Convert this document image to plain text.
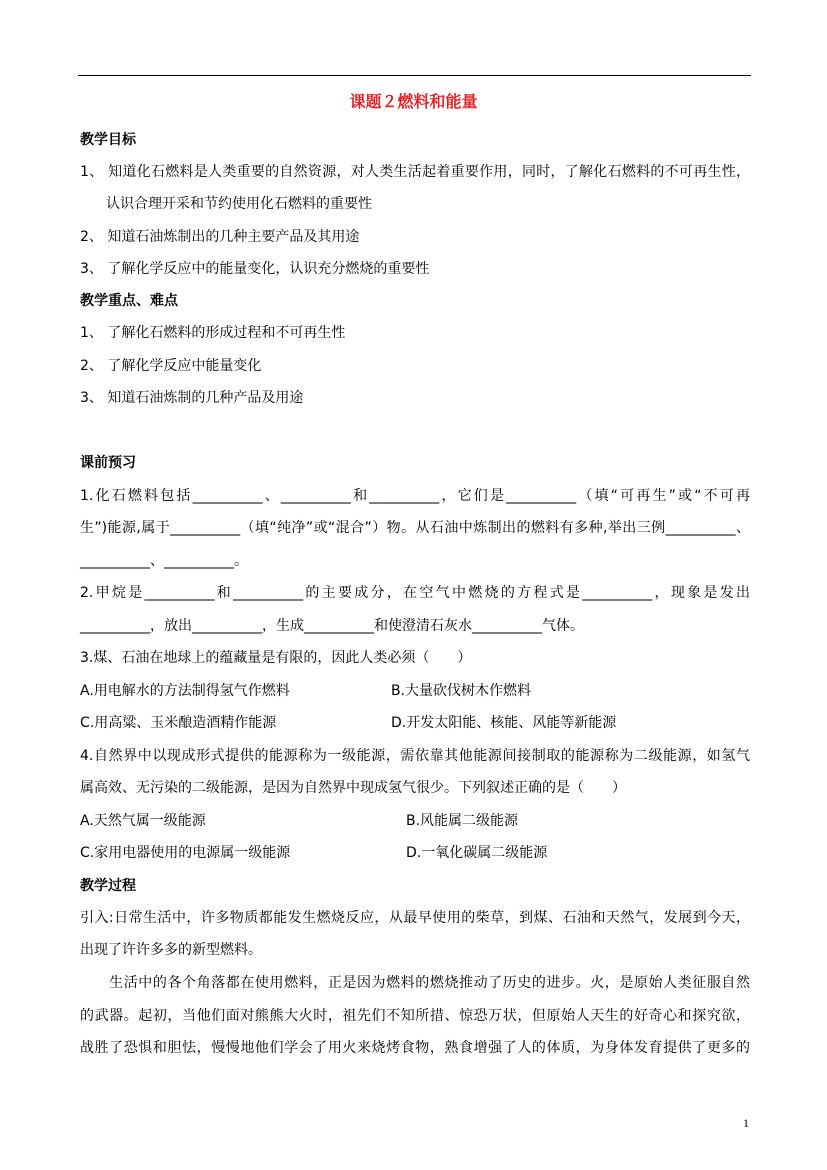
课题２燃料和能量
教学目标
1、 知道化石燃料是人类重要的自然资源，对人类生活起着重要作用，同时，了解化石燃料的不可再生性，
认识合理开采和节约使用化石燃料的重要性
2、 知道石油炼制出的几种主要产品及其用途
3、 了解化学反应中的能量变化，认识充分燃烧的重要性
教学重点、难点
1、 了解化石燃料的形成过程和不可再生性
2、 了解化学反应中能量变化
3、 知道石油炼制的几种产品及用途
课前预习
1.化石燃料包括__________、__________和__________，它们是__________（填“可再生”或“不可再
生”)能源,属于__________（填“纯净”或“混合”）物。从石油中炼制出的燃料有多种,举出三例__________、
__________、__________。
2.甲烷是__________和__________的主要成分，在空气中燃烧的方程式是__________，现象是发出
__________，放出__________，生成__________和使澄清石灰水__________气体。
3.煤、石油在地球上的蕴藏量是有限的，因此人类必须（　　）
A.用电解水的方法制得氢气作燃料	B.大量砍伐树木作燃料
C.用高粱、玉米酿造酒精作能源	D.开发太阳能、核能、风能等新能源
4.自然界中以现成形式提供的能源称为一级能源，需依靠其他能源间接制取的能源称为二级能源，如氢气
属高效、无污染的二级能源，是因为自然界中现成氢气很少。下列叙述正确的是（　　）
A.天然气属一级能源	B.风能属二级能源
C.家用电器使用的电源属一级能源	D.一氧化碳属二级能源
教学过程
引入:日常生活中，许多物质都能发生燃烧反应，从最早使用的柴草，到煤、石油和天然气，发展到今天，
出现了许许多多的新型燃料。
　　生活中的各个角落都在使用燃料，正是因为燃料的燃烧推动了历史的进步。火，是原始人类征服自然
的武器。起初，当他们面对熊熊大火时，祖先们不知所措、惊恐万状，但原始人天生的好奇心和探究欲，
战胜了恐惧和胆怯，慢慢地他们学会了用火来烧烤食物，熟食增强了人的体质，为身体发育提供了更多的
1
